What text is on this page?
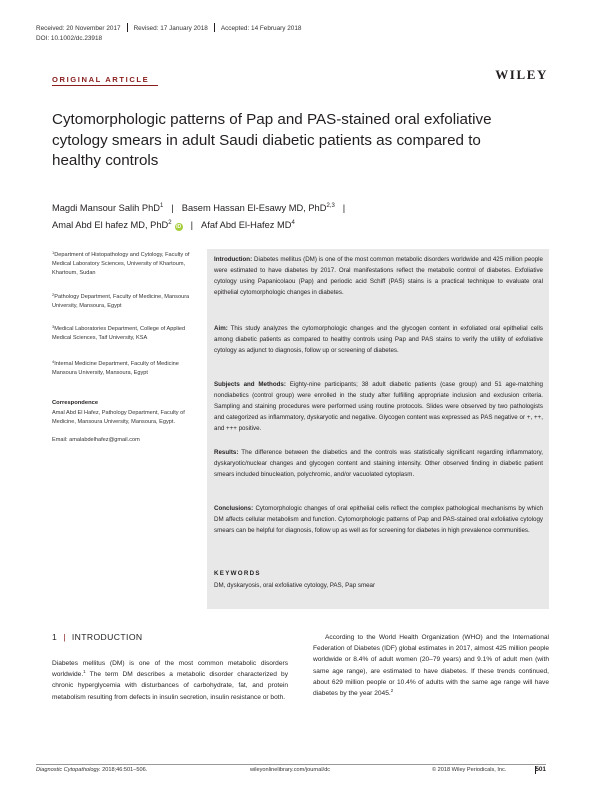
Received: 20 November 2017 Revised: 17 January 2018 Accepted: 14 February 2018
DOI: 10.1002/dc.23918
ORIGINAL ARTICLE	WILEY
Cytomorphologic patterns of Pap and PAS-stained oral exfoliative cytology smears in adult Saudi diabetic patients as compared to healthy controls
Magdi Mansour Salih PhD$^1$ | Basem Hassan El-Esawy MD, PhD$^{2,3}$ |
Amal Abd El hafez MD, PhD$^2$iD | Afaf Abd El-Hafez $MD^4$
$^1$Department of Histopathology and Cytology, Faculty of Medical Laboratory Sciences, University of Khartoum, Khartoum, Sudan
$^2$Pathology Department, Faculty of Medicine, Mansoura University, Mansoura, Egypt
$^3$Medical Laboratories Department, College of Applied Medical Sciences, Taif University, KSA
$^4$Internal Medicine Department, Faculty of Medicine Mansoura University, Mansoura, Egypt
Correspondence
Amal Abd El Hafez, Pathology Department, Faculty of Medicine, Mansoura University, Mansoura, Egypt.
Email: amalabdelhafez@gmail.com
Introduction: Diabetes mellitus (DM) is one of the most common metabolic disorders worldwide and 425 million people were estimated to have diabetes by 2017. Oral manifestations reflect the metabolic control of diabetes. Exfoliative cytology using Papanicolaou (Pap) and periodic acid Schiff (PAS) stains is a practical technique to evaluate oral epithelial cytomorphologic changes in diabetes.
Aim: This study analyzes the cytomorphologic changes and the glycogen content in exfoliated oral epithelial cells among diabetic patients as compared to healthy controls using Pap and PAS stains to verify the utility of exfoliative cytology as adjunct to diagnosis, follow up or screening of diabetes.
Subjects and Methods: Eighty-nine participants; 38 adult diabetic patients (case group) and 51 age-matching nondiabetics (control group) were enrolled in the study after fulfilling appropriate inclusion and exclusion criteria. Sampling and staining procedures were performed using routine protocols. Slides were observed by two pathologists and categorized as inflammatory, dyskaryotic and negative. Glycogen content was expressed as PAS negative or +, ++, and +++ positive.
Results: The difference between the diabetics and the controls was statistically significant regarding inflammatory, dyskaryotic/nuclear changes and glycogen content and staining intensity. Other observed finding in diabetic patient smears included binucleation, polychromic, and/or vacuolated cytoplasm.
Conclusions: Cytomorphologic changes of oral epithelial cells reflect the complex pathological mechanisms by which DM affects cellular metabolism and function. Cytomorphologic patterns of Pap and PAS-stained oral exfoliative cytology smears can be helpful for diagnosis, follow up as well as for screening for diabetes in high prevalence communities.
KEYWORDS
DM, dyskaryosis, oral exfoliative cytology, PAS, Pap smear
1 | INTRODUCTION
Diabetes mellitus (DM) is one of the most common metabolic disorders worldwide.$^1$ The term DM describes a metabolic disorder characterized by chronic hyperglycemia with disturbances of carbohydrate, fat, and protein metabolism resulting from defects in insulin secretion, insulin resistance or both.
According to the World Health Organization (WHO) and the International Federation of Diabetes (IDF) global estimates in 2017, almost 425 million people worldwide or 8.4% of adult women (20–79 years) and 9.1% of adult men (with same age range), are estimated to have diabetes. If these trends continued, about 629 million people or 10.4% of adults with the same age range will have diabetes by the year 2045.$^2$
Diagnostic Cytopathology. 2018;46:501–506.	wileyonlinelibrary.com/journal/dc	© 2018 Wiley Periodicals, Inc.	501
